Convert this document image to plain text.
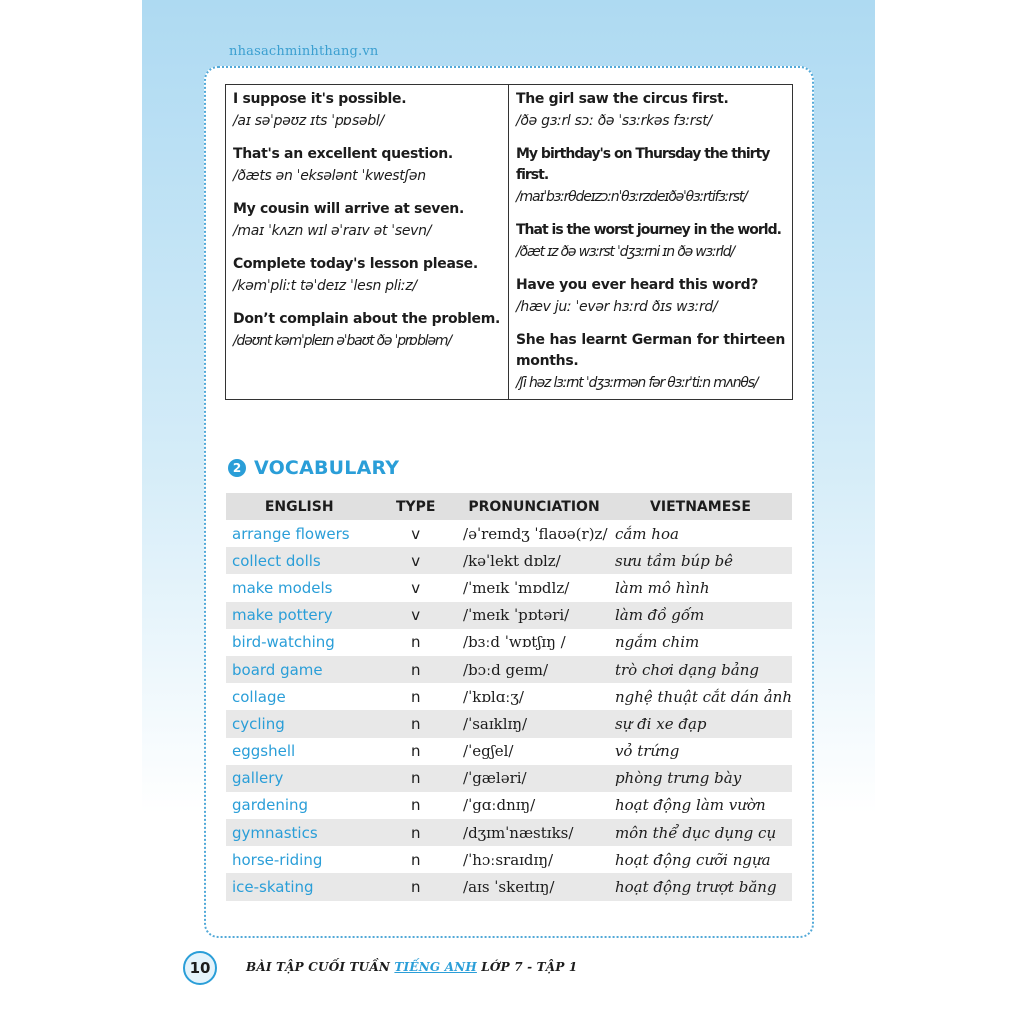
nhasachminhthang.vn
I suppose it's possible.
/aɪ səˈpəʊz ɪts ˈpɒsəbl/
That's an excellent question.
/ðæts ən ˈeksələnt ˈkwestʃən
My cousin will arrive at seven.
/maɪ ˈkʌzn wɪl əˈraɪv ət ˈsevn/
Complete today's lesson please.
/kəmˈpliːt təˈdeɪz ˈlesn pliːz/
Don’t complain about the problem.
/dəʊnt kəmˈpleɪn əˈbaʊt ðə ˈprɒbləm/
The girl saw the circus first.
/ðə gɜːrl sɔː ðə ˈsɜːrkəs fɜːrst/
My birthday's on Thursday the thirty first.
/maɪˈbɜːrθdeɪzɔːnˈθɜːrzdeɪðəˈθɜːrtifɜːrst/
That is the worst journey in the world.
/ðæt ɪz ðə wɜːrst ˈdʒɜːrni ɪn ðə wɜːrld/
Have you ever heard this word?
/hæv juː ˈevər hɜːrd ðɪs wɜːrd/
She has learnt German for thirteen months.
/ʃi həz lɜːrnt ˈdʒɜːrmən fər θɜːrˈtiːn mʌnθs/
2 VOCABULARY
ENGLISH	TYPE	PRONUNCIATION	VIETNAMESE
arrange flowers	v	/əˈreɪndʒ ˈflaʊə(r)z/	cắm hoa
collect dolls	v	/kəˈlekt dɒlz/	sưu tầm búp bê
make models	v	/ˈmeɪk ˈmɒdlz/	làm mô hình
make pottery	v	/ˈmeɪk ˈpɒtəri/	làm đồ gốm
bird-watching	n	/bɜːd ˈwɒtʃɪŋ /	ngắm chim
board game	n	/bɔːd geɪm/	trò chơi dạng bảng
collage	n	/ˈkɒlɑːʒ/	nghệ thuật cắt dán ảnh
cycling	n	/ˈsaɪklɪŋ/	sự đi xe đạp
eggshell	n	/ˈegʃel/	vỏ trứng
gallery	n	/ˈgæləri/	phòng trưng bày
gardening	n	/ˈgɑːdnɪŋ/	hoạt động làm vườn
gymnastics	n	/dʒɪmˈnæstɪks/	môn thể dục dụng cụ
horse-riding	n	/ˈhɔːsraɪdɪŋ/	hoạt động cưỡi ngựa
ice-skating	n	/aɪs ˈskeɪtɪŋ/	hoạt động trượt băng
10	BÀI TẬP CUỐI TUẦN TIẾNG ANH LỚP 7 - TẬP 1
